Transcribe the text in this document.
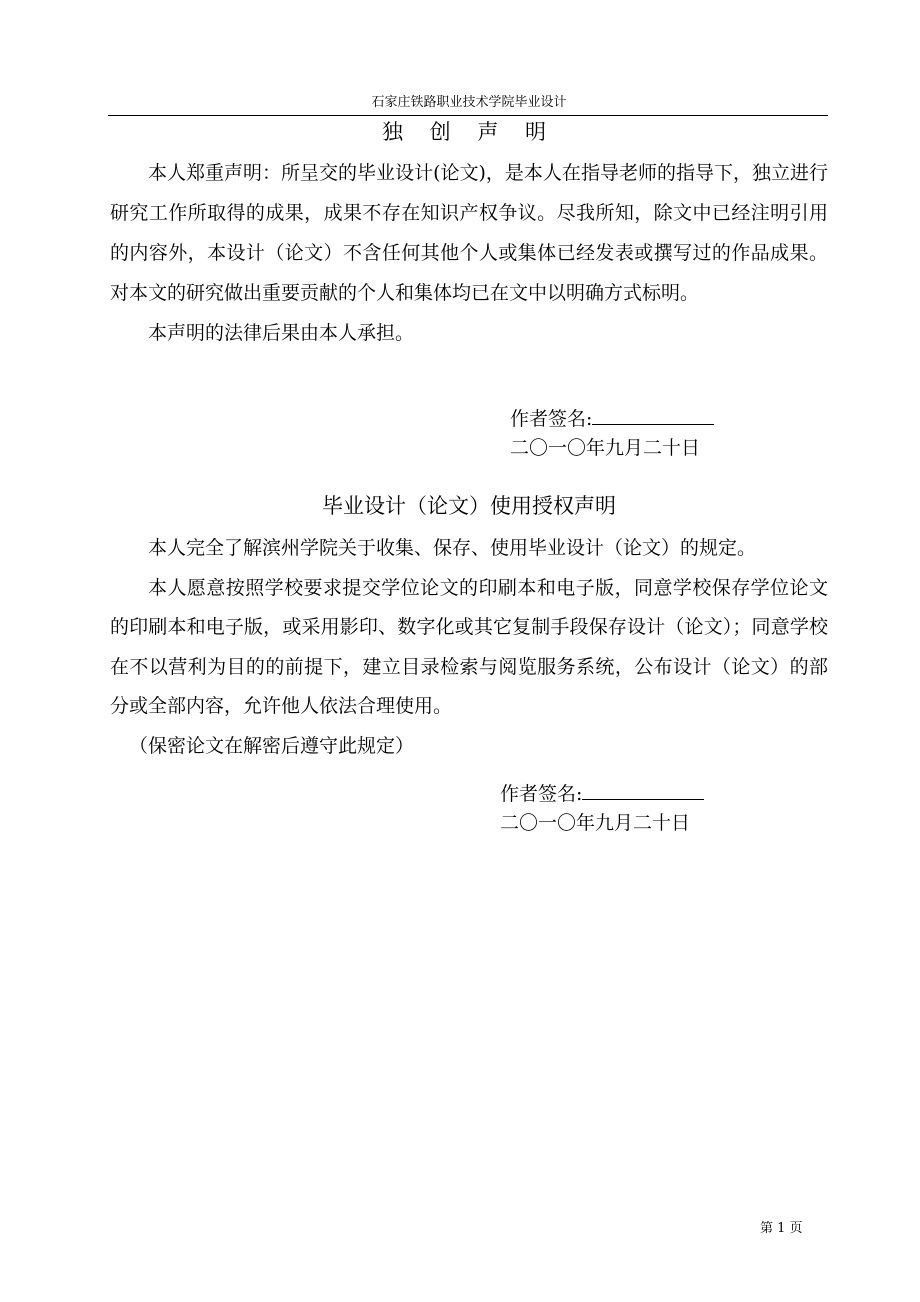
石家庄铁路职业技术学院毕业设计
独 创 声 明

本人郑重声明：所呈交的毕业设计(论文)，是本人在指导老师的指导下，独立进行研究工作所取得的成果，成果不存在知识产权争议。尽我所知，除文中已经注明引用的内容外，本设计（论文）不含任何其他个人或集体已经发表或撰写过的作品成果。对本文的研究做出重要贡献的个人和集体均已在文中以明确方式标明。

本声明的法律后果由本人承担。

作者签名:
二〇一〇年九月二十日
毕业设计（论文）使用授权声明

本人完全了解滨州学院关于收集、保存、使用毕业设计（论文）的规定。

本人愿意按照学校要求提交学位论文的印刷本和电子版，同意学校保存学位论文的印刷本和电子版，或采用影印、数字化或其它复制手段保存设计（论文）；同意学校在不以营利为目的的前提下，建立目录检索与阅览服务系统，公布设计（论文）的部分或全部内容，允许他人依法合理使用。

（保密论文在解密后遵守此规定）

作者签名:
二〇一〇年九月二十日
第 1 页
